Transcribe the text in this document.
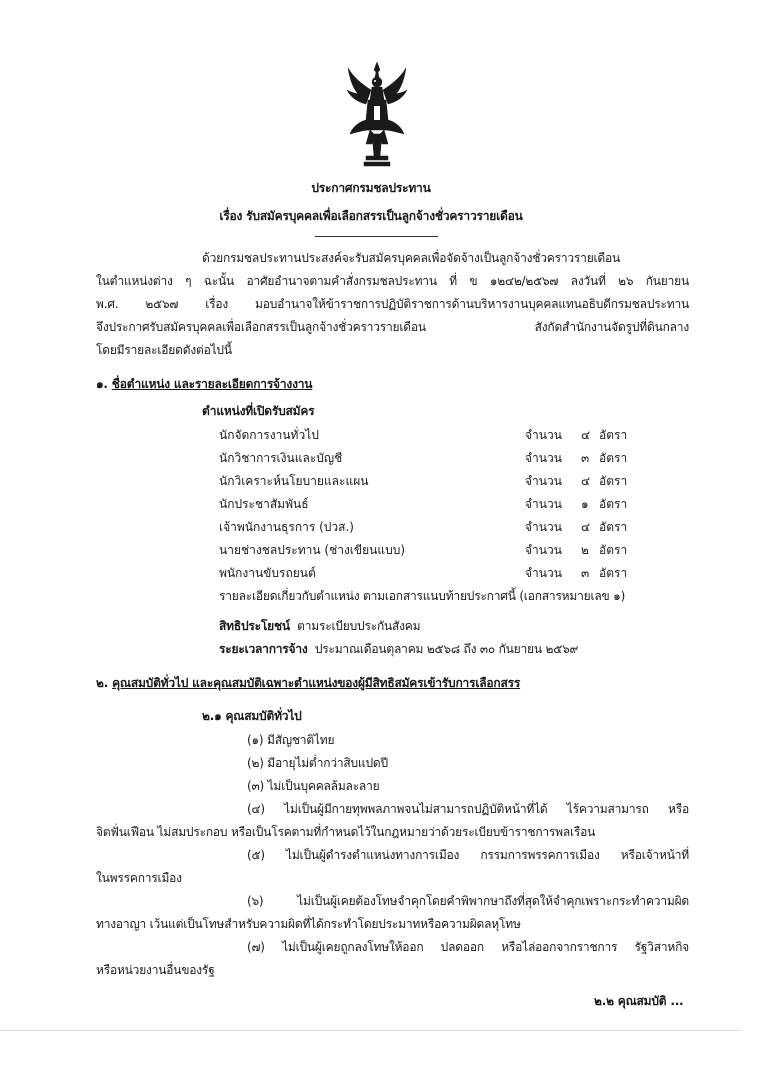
ประกาศกรมชลประทาน
เรื่อง รับสมัครบุคคลเพื่อเลือกสรรเป็นลูกจ้างชั่วคราวรายเดือน
ด้วยกรมชลประทานประสงค์จะรับสมัครบุคคลเพื่อจัดจ้างเป็นลูกจ้างชั่วคราวรายเดือน
ในตำแหน่งต่าง ๆ ฉะนั้น อาศัยอำนาจตามคำสั่งกรมชลประทาน ที่ ข ๑๒๔๒/๒๕๖๗ ลงวันที่ ๒๖ กันยายน
พ.ศ. ๒๕๖๗ เรื่อง มอบอำนาจให้ข้าราชการปฏิบัติราชการด้านบริหารงานบุคคลแทนอธิบดีกรมชลประทาน
จึงประกาศรับสมัครบุคคลเพื่อเลือกสรรเป็นลูกจ้างชั่วคราวรายเดือน สังกัดสำนักงานจัดรูปที่ดินกลาง
โดยมีรายละเอียดดังต่อไปนี้
๑. ชื่อตำแหน่ง และรายละเอียดการจ้างงาน
ตำแหน่งที่เปิดรับสมัคร
นักจัดการงานทั่วไป	จำนวน ๔ อัตรา
นักวิชาการเงินและบัญชี	จำนวน ๓ อัตรา
นักวิเคราะห์นโยบายและแผน	จำนวน ๔ อัตรา
นักประชาสัมพันธ์	จำนวน ๑ อัตรา
เจ้าพนักงานธุรการ (ปวส.)	จำนวน ๔ อัตรา
นายช่างชลประทาน (ช่างเขียนแบบ)	จำนวน ๒ อัตรา
พนักงานขับรถยนต์	จำนวน ๓ อัตรา
รายละเอียดเกี่ยวกับตำแหน่ง ตามเอกสารแนบท้ายประกาศนี้ (เอกสารหมายเลข ๑)
สิทธิประโยชน์ ตามระเบียบประกันสังคม
ระยะเวลาการจ้าง ประมาณเดือนตุลาคม ๒๕๖๘ ถึง ๓๐ กันยายน ๒๕๖๙
๒. คุณสมบัติทั่วไป และคุณสมบัติเฉพาะตำแหน่งของผู้มีสิทธิสมัครเข้ารับการเลือกสรร
๒.๑ คุณสมบัติทั่วไป
(๑) มีสัญชาติไทย
(๒) มีอายุไม่ต่ำกว่าสิบแปดปี
(๓) ไม่เป็นบุคคลล้มละลาย
(๔) ไม่เป็นผู้มีกายทุพพลภาพจนไม่สามารถปฏิบัติหน้าที่ได้ ไร้ความสามารถ หรือ
จิตฟั่นเฟือน ไม่สมประกอบ หรือเป็นโรคตามที่กำหนดไว้ในกฎหมายว่าด้วยระเบียบข้าราชการพลเรือน
(๕) ไม่เป็นผู้ดำรงตำแหน่งทางการเมือง กรรมการพรรคการเมือง หรือเจ้าหน้าที่
ในพรรคการเมือง
(๖) ไม่เป็นผู้เคยต้องโทษจำคุกโดยคำพิพากษาถึงที่สุดให้จำคุกเพราะกระทำความผิด
ทางอาญา เว้นแต่เป็นโทษสำหรับความผิดที่ได้กระทำโดยประมาทหรือความผิดลหุโทษ
(๗) ไม่เป็นผู้เคยถูกลงโทษให้ออก ปลดออก หรือไล่ออกจากราชการ รัฐวิสาหกิจ
หรือหน่วยงานอื่นของรัฐ
๒.๒ คุณสมบัติ ...
